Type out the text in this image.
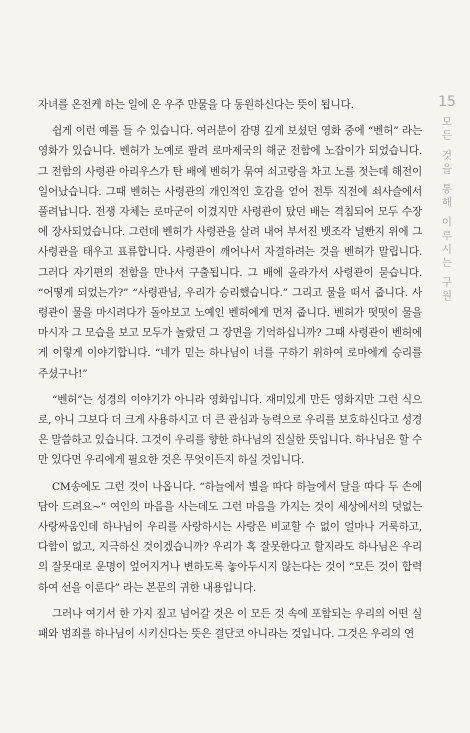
자녀를 온전케 하는 일에 온 우주 만물을 다 동원하신다는 뜻이 됩니다.

쉽게 이런 예를 들 수 있습니다. 여러분이 감명 깊게 보셨던 영화 중에 “벤허” 라는 영화가 있습니다. 벤허가 노예로 팔려 로마제국의 해군 전함에 노잡이가 되었습니다. 그 전함의 사령관 아리우스가 탄 배에 벤허가 묶여 쇠고랑을 차고 노를 젓는데 해전이 일어났습니다. 그때 벤허는 사령관의 개인적인 호감을 얻어 전투 직전에 쇠사슬에서 풀려납니다. 전쟁 자체는 로마군이 이겼지만 사령관이 탔던 배는 격침되어 모두 수장에 장사되었습니다. 그런데 벤허가 사령관을 살려 내어 부서진 뱃조각 널빤지 위에 그 사령관을 태우고 표류합니다. 사령관이 깨어나서 자결하려는 것을 벤허가 말립니다. 그러다 자기편의 전함을 만나서 구출됩니다. 그 배에 올라가서 사령관이 묻습니다. “어떻게 되었는가?” “사령관님, 우리가 승리했습니다.” 그리고 물을 떠서 줍니다. 사령관이 물을 마시려다가 돌아보고 노예인 벤허에게 먼저 줍니다. 벤허가 떳떳이 물을 마시자 그 모습을 보고 모두가 놀랐던 그 장면을 기억하십니까? 그때 사령관이 벤허에게 이렇게 이야기합니다. “네가 믿는 하나님이 너를 구하기 위하여 로마에게 승리를 주셨구나!”

“벤허”는 성경의 이야기가 아니라 영화입니다. 재미있게 만든 영화지만 그런 식으로, 아니 그보다 더 크게 사용하시고 더 큰 관심과 능력으로 우리를 보호하신다고 성경은 말씀하고 있습니다. 그것이 우리를 향한 하나님의 진실한 뜻입니다. 하나님은 할 수만 있다면 우리에게 필요한 것은 무엇이든지 하실 것입니다.

CM송에도 그런 것이 나옵니다. “하늘에서 별을 따다 하늘에서 달을 따다 두 손에 담아 드려요~” 여인의 마음을 사는데도 그런 마음을 가지는 것이 세상에서의 덧없는 사랑싸움인데 하나님이 우리를 사랑하시는 사랑은 비교할 수 없이 얼마나 거룩하고, 다함이 없고, 지극하신 것이겠습니까? 우리가 혹 잘못한다고 할지라도 하나님은 우리의 잘못대로 운명이 엎어지거나 변하도록 놓아두시지 않는다는 것이 “모든 것이 합력하여 선을 이룬다” 라는 본문의 귀한 내용입니다.

그러나 여기서 한 가지 짚고 넘어갈 것은 이 모든 것 속에 포함되는 우리의 어떤 실패와 범죄를 하나님이 시키신다는 뜻은 결단코 아니라는 것입니다. 그것은 우리의 연

15
모든 것을 통해 이루시는 구원
